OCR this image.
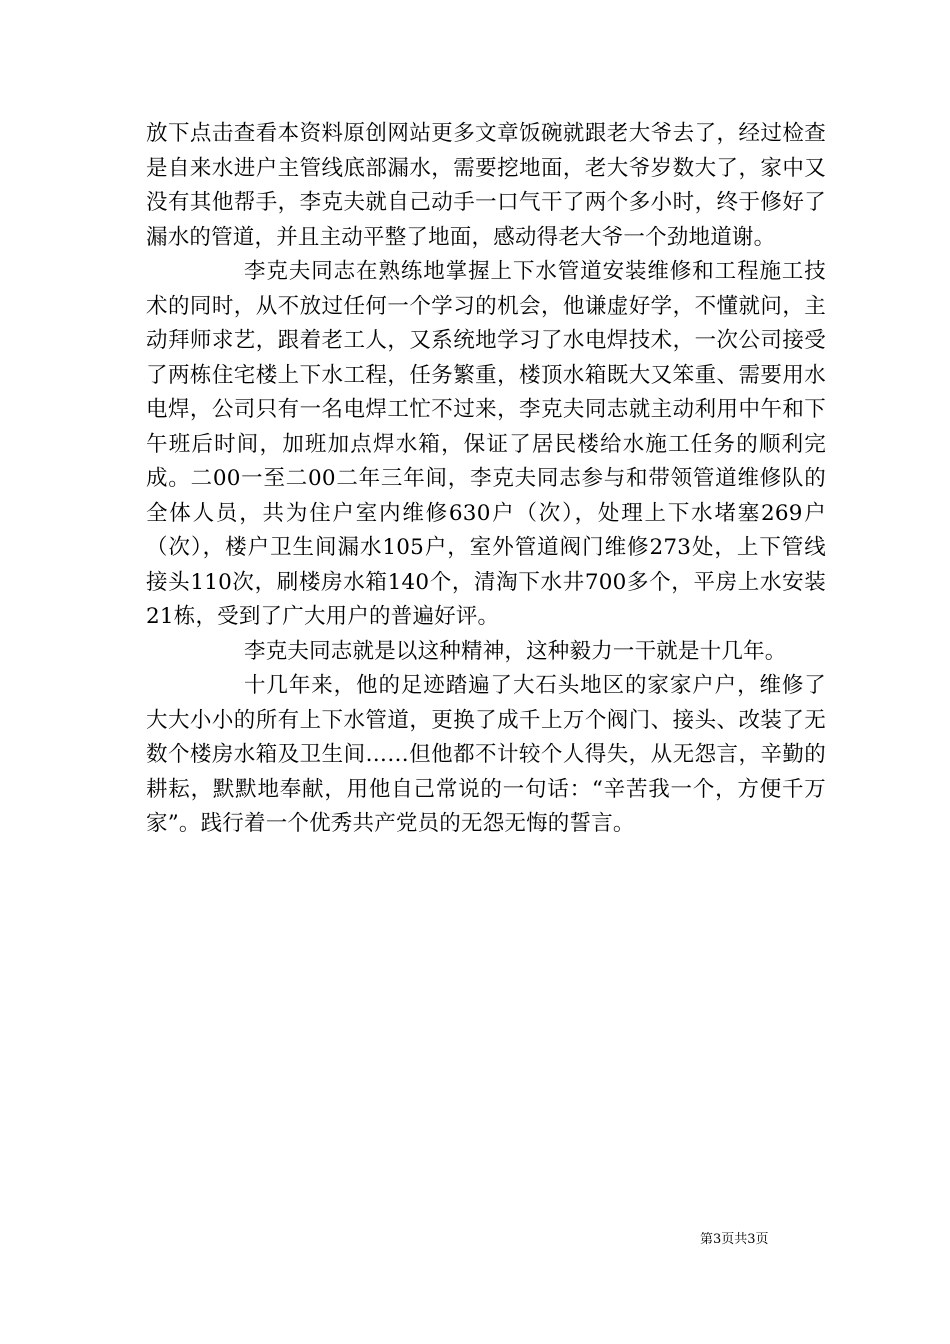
放下点击查看本资料原创网站更多文章饭碗就跟老大爷去了，经过检查是自来水进户主管线底部漏水，需要挖地面，老大爷岁数大了，家中又没有其他帮手，李克夫就自己动手一口气干了两个多小时，终于修好了漏水的管道，并且主动平整了地面，感动得老大爷一个劲地道谢。

李克夫同志在熟练地掌握上下水管道安装维修和工程施工技术的同时，从不放过任何一个学习的机会，他谦虚好学，不懂就问，主动拜师求艺，跟着老工人，又系统地学习了水电焊技术，一次公司接受了两栋住宅楼上下水工程，任务繁重，楼顶水箱既大又笨重、需要用水电焊，公司只有一名电焊工忙不过来，李克夫同志就主动利用中午和下午班后时间，加班加点焊水箱，保证了居民楼给水施工任务的顺利完成。二00一至二00二年三年间，李克夫同志参与和带领管道维修队的全体人员，共为住户室内维修630户（次），处理上下水堵塞269户（次），楼户卫生间漏水105户，室外管道阀门维修273处，上下管线接头110次，刷楼房水箱140个，清淘下水井700多个，平房上水安装21栋，受到了广大用户的普遍好评。

李克夫同志就是以这种精神，这种毅力一干就是十几年。

十几年来，他的足迹踏遍了大石头地区的家家户户，维修了大大小小的所有上下水管道，更换了成千上万个阀门、接头、改装了无数个楼房水箱及卫生间……但他都不计较个人得失，从无怨言，辛勤的耕耘，默默地奉献，用他自己常说的一句话：“辛苦我一个，方便千万家”。践行着一个优秀共产党员的无怨无悔的誓言。

第3页共3页
